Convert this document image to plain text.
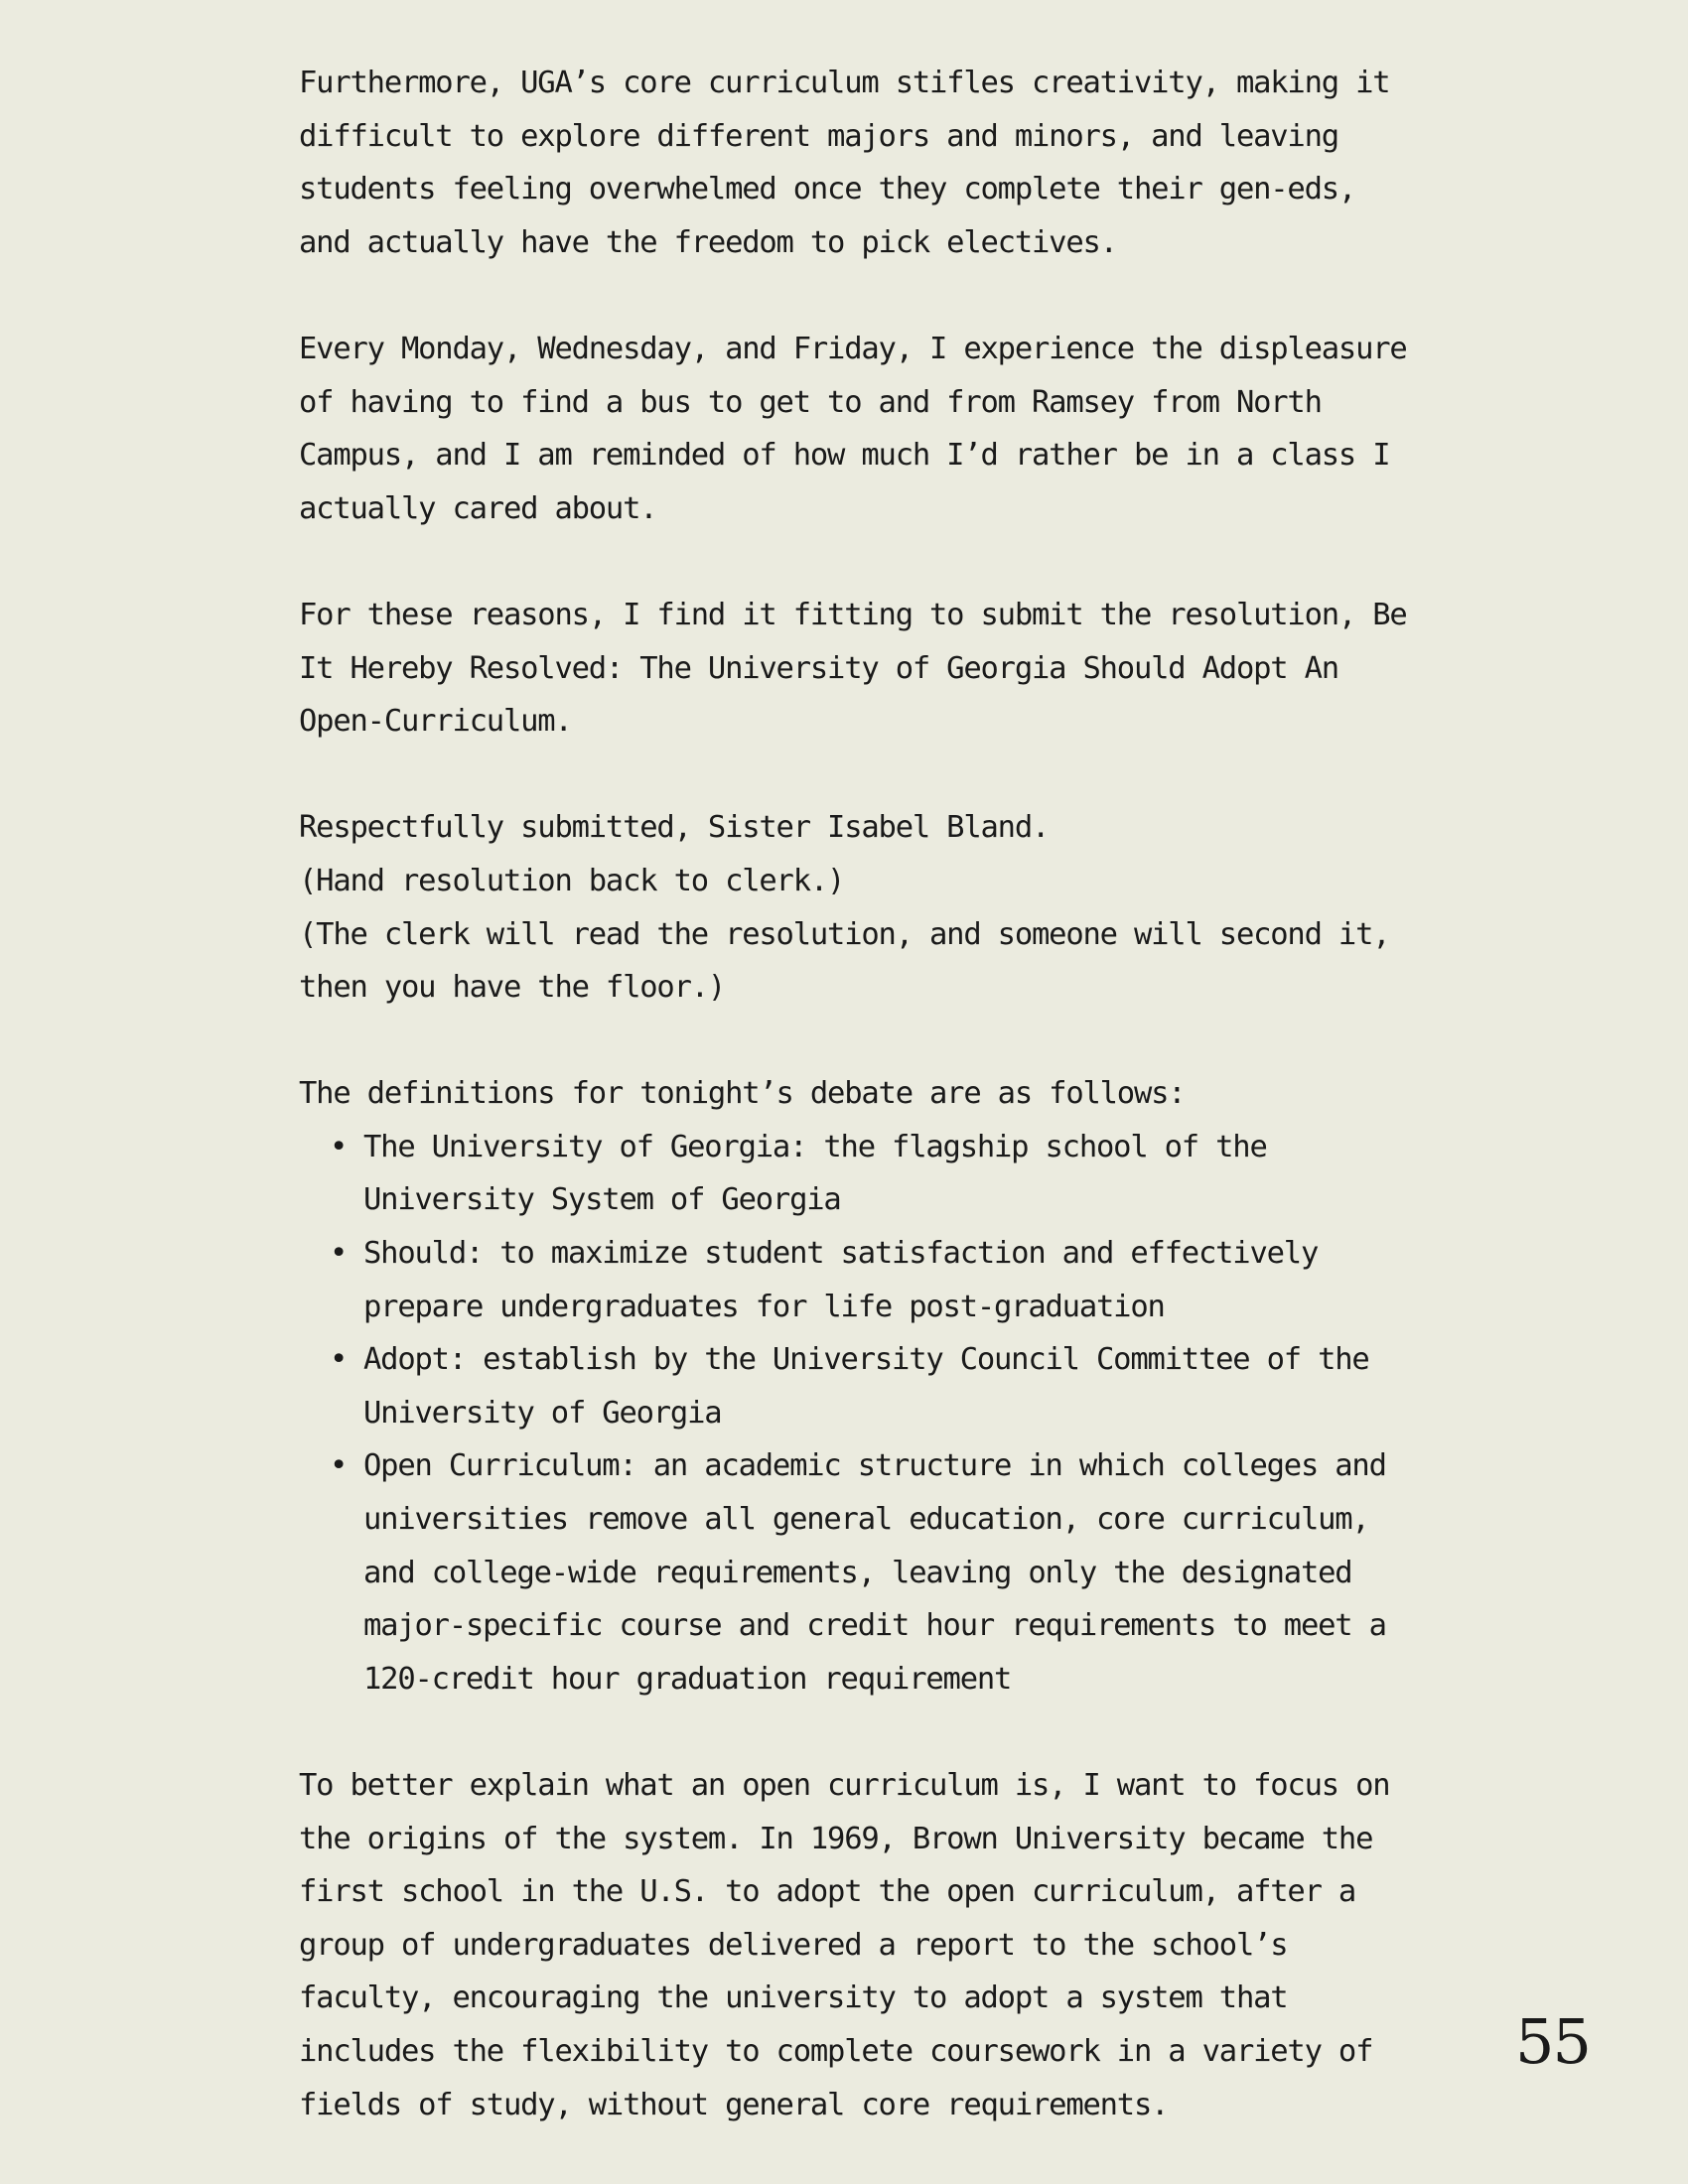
Furthermore, UGA’s core curriculum stifles creativity, making it difficult to explore different majors and minors, and leaving students feeling overwhelmed once they complete their gen-eds, and actually have the freedom to pick electives.

Every Monday, Wednesday, and Friday, I experience the displeasure of having to find a bus to get to and from Ramsey from North Campus, and I am reminded of how much I’d rather be in a class I actually cared about.

For these reasons, I find it fitting to submit the resolution, Be It Hereby Resolved: The University of Georgia Should Adopt An Open-Curriculum.

Respectfully submitted, Sister Isabel Bland.

(Hand resolution back to clerk.)

(The clerk will read the resolution, and someone will second it, then you have the floor.)

The definitions for tonight’s debate are as follows:

• The University of Georgia: the flagship school of the University System of Georgia
• Should: to maximize student satisfaction and effectively prepare undergraduates for life post-graduation
• Adopt: establish by the University Council Committee of the University of Georgia
• Open Curriculum: an academic structure in which colleges and universities remove all general education, core curriculum, and college-wide requirements, leaving only the designated major-specific course and credit hour requirements to meet a 120-credit hour graduation requirement

To better explain what an open curriculum is, I want to focus on the origins of the system. In 1969, Brown University became the first school in the U.S. to adopt the open curriculum, after a group of undergraduates delivered a report to the school’s faculty, encouraging the university to adopt a system that includes the flexibility to complete coursework in a variety of fields of study, without general core requirements.

55
